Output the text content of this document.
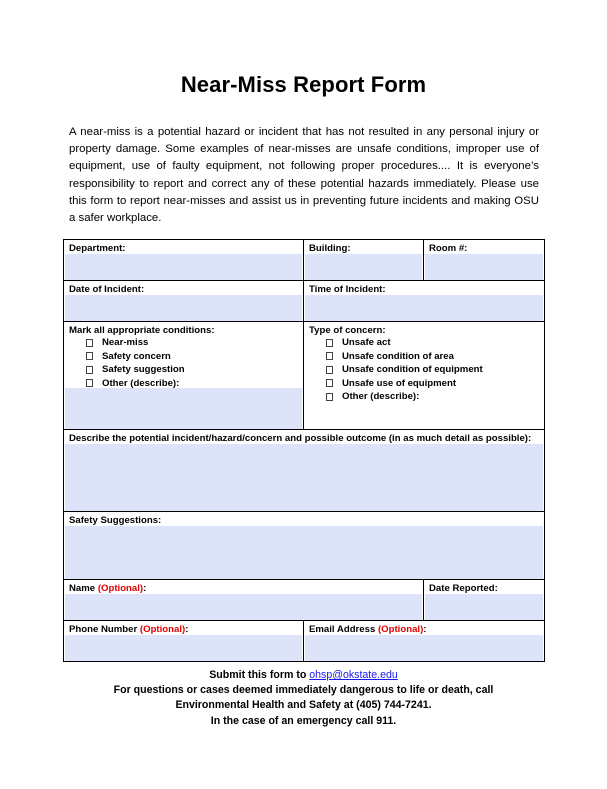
Near-Miss Report Form
A near-miss is a potential hazard or incident that has not resulted in any personal injury or property damage. Some examples of near-misses are unsafe conditions, improper use of equipment, use of faulty equipment, not following proper procedures.... It is everyone’s responsibility to report and correct any of these potential hazards immediately. Please use this form to report near-misses and assist us in preventing future incidents and making OSU a safer workplace.
Department:	Building:	Room #:
Date of Incident:	Time of Incident:
Mark all appropriate conditions:
Near-miss
Safety concern
Safety suggestion
Other (describe):
Type of concern:
Unsafe act
Unsafe condition of area
Unsafe condition of equipment
Unsafe use of equipment
Other (describe):
Describe the potential incident/hazard/concern and possible outcome (in as much detail as possible):
Safety Suggestions:
Name (Optional):	Date Reported:
Phone Number (Optional):	Email Address (Optional):
Submit this form to ohsp@okstate.edu
For questions or cases deemed immediately dangerous to life or death, call
Environmental Health and Safety at (405) 744-7241.
In the case of an emergency call 911.
